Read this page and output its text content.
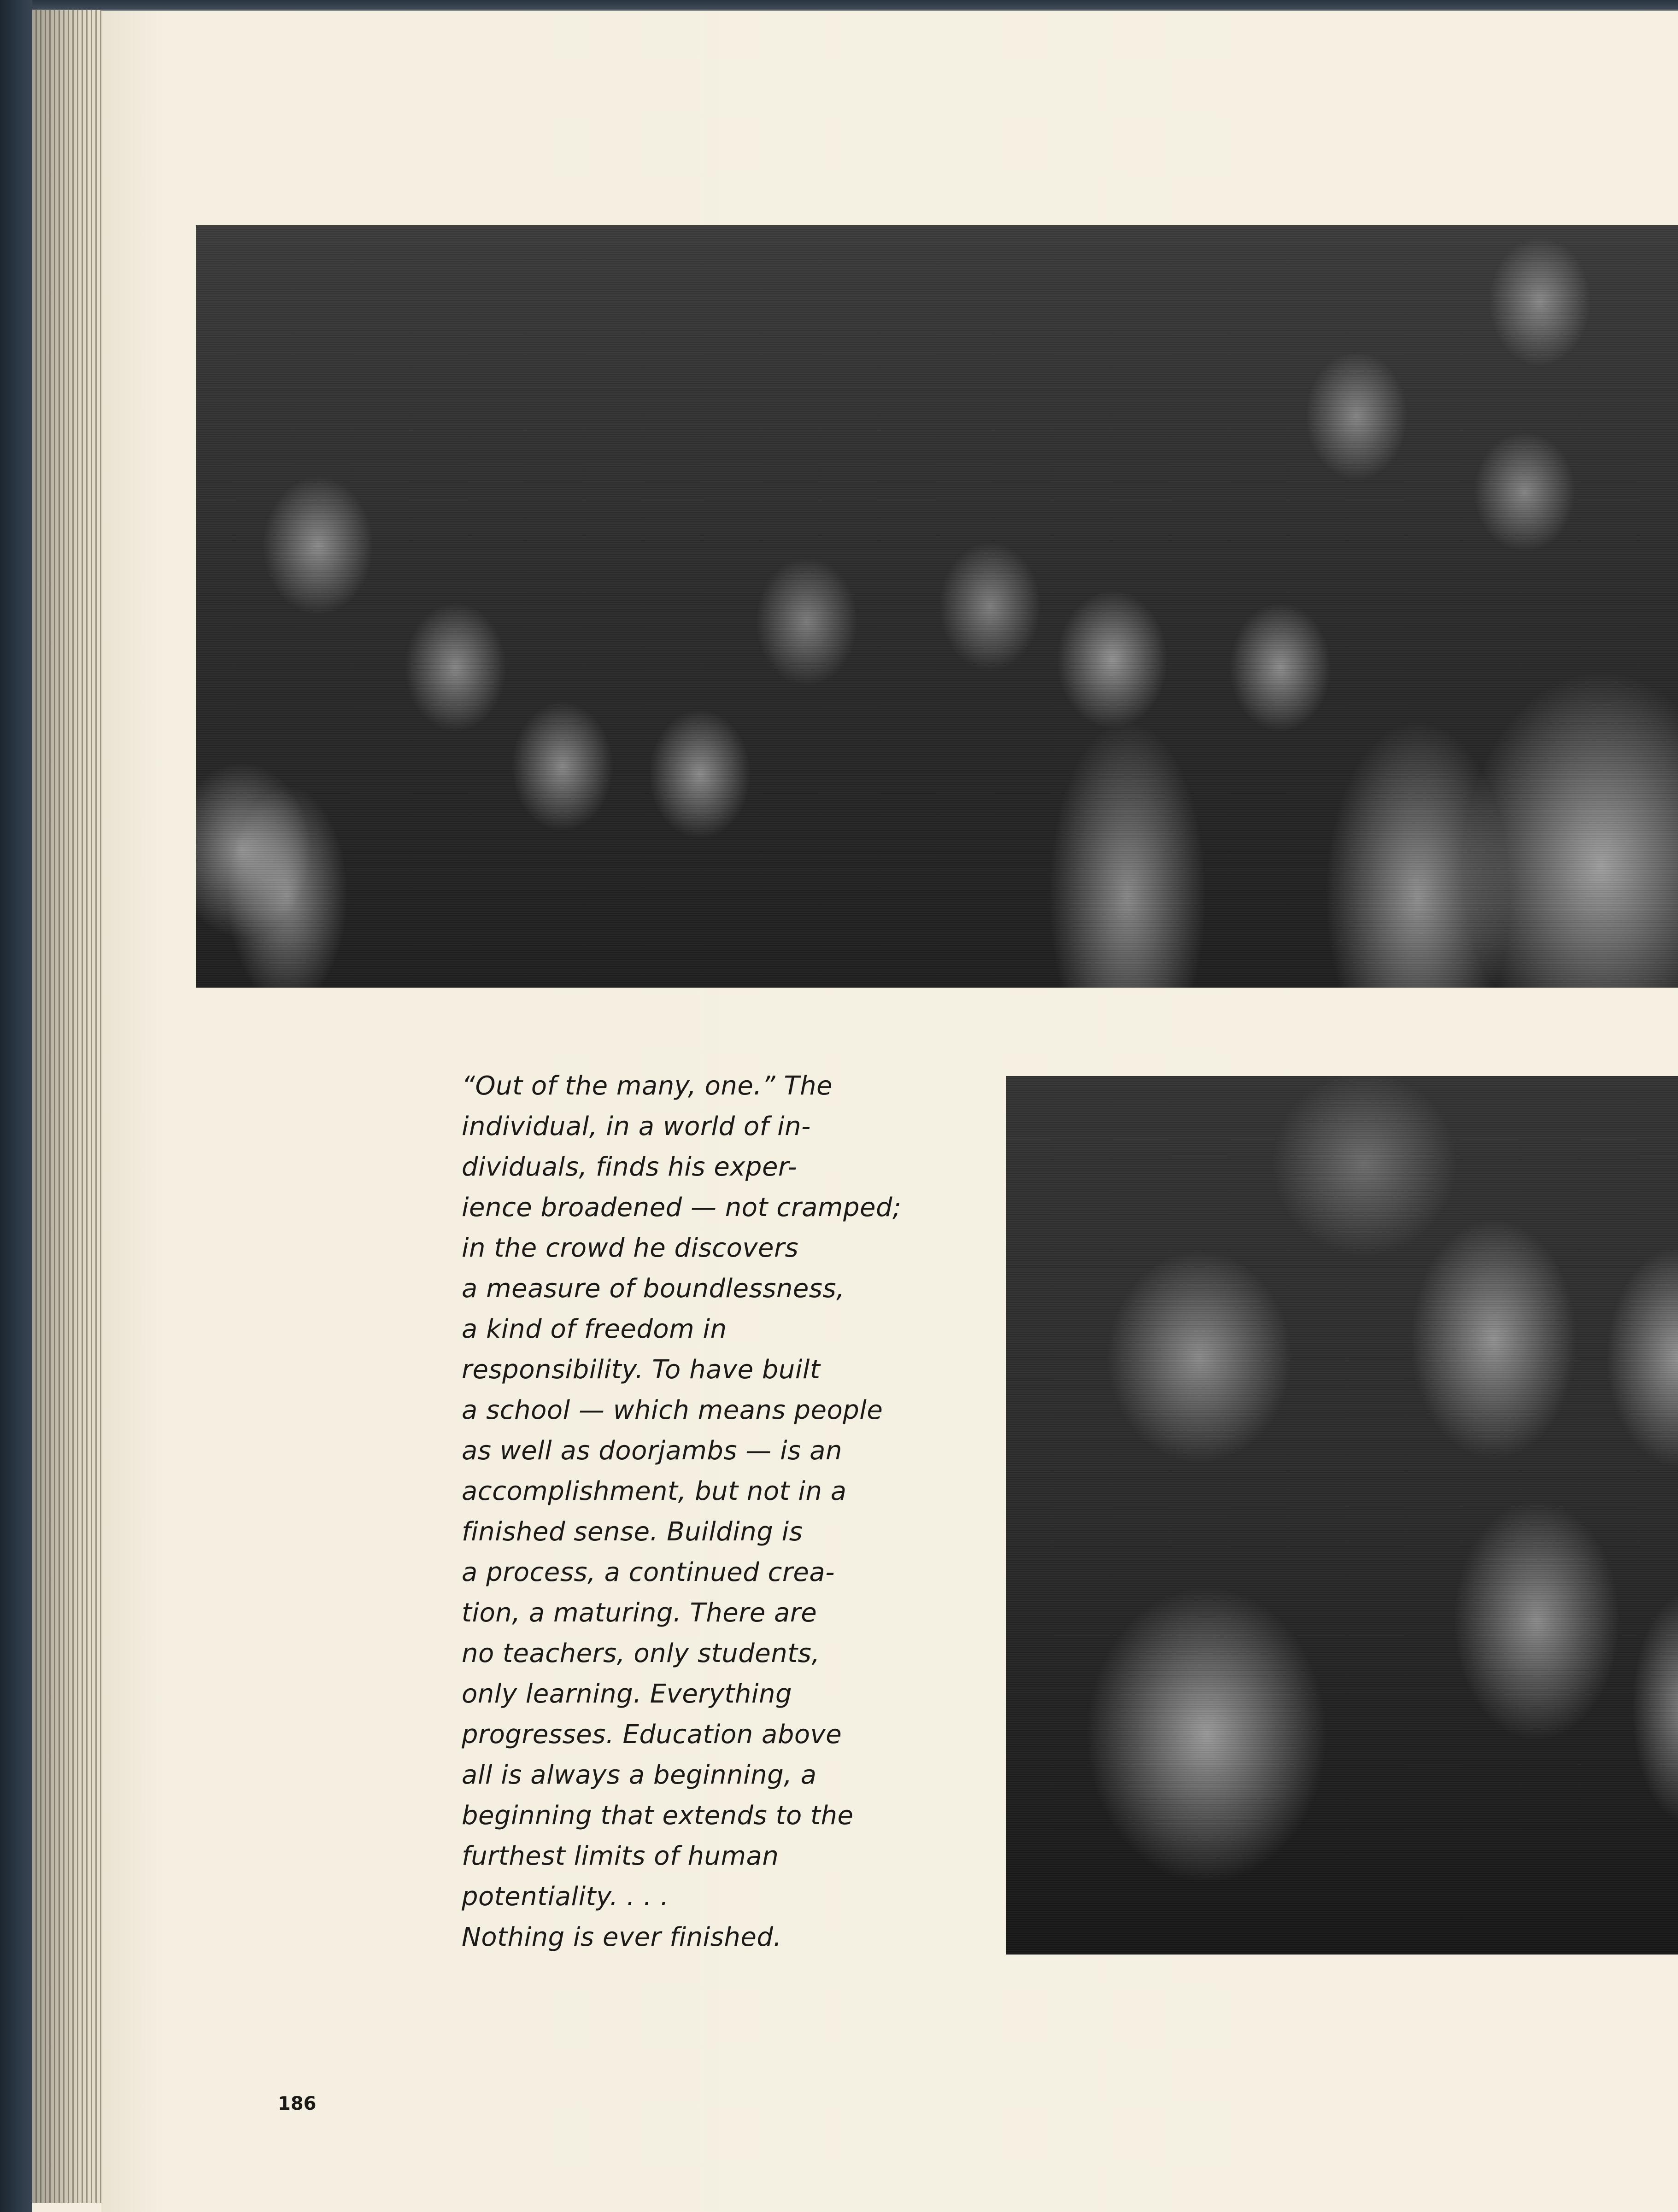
“Out of the many, one.” The
individual, in a world of in-
dividuals, finds his exper-
ience broadened — not cramped;
in the crowd he discovers
a measure of boundlessness,
a kind of freedom in
responsibility. To have built
a school — which means people
as well as doorjambs — is an
accomplishment, but not in a
finished sense. Building is
a process, a continued crea-
tion, a maturing. There are
no teachers, only students,
only learning. Everything
progresses. Education above
all is always a beginning, a
beginning that extends to the
furthest limits of human
potentiality. . . .
Nothing is ever finished.
186
